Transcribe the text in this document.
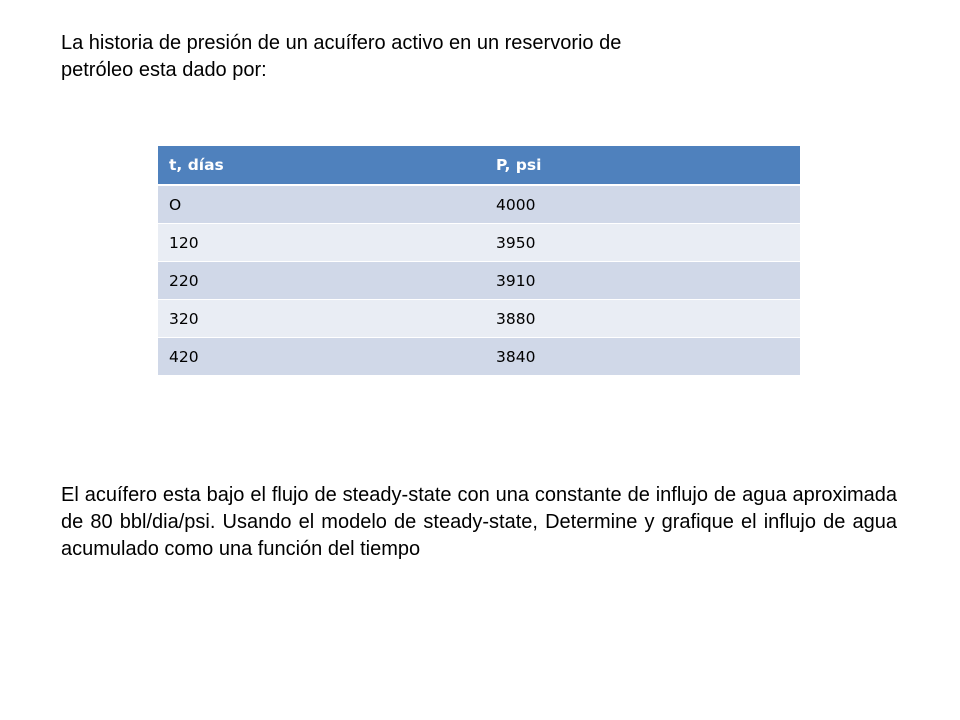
La historia de presión de un acuífero activo en un reservorio de
petróleo esta dado por:

t, días	P, psi
O	4000
120	3950
220	3910
320	3880
420	3840

El acuífero esta bajo el flujo de steady-state con una constante de influjo de agua aproximada de 80 bbl/dia/psi. Usando el modelo de steady-state, Determine y grafique el influjo de agua acumulado como una función del tiempo
